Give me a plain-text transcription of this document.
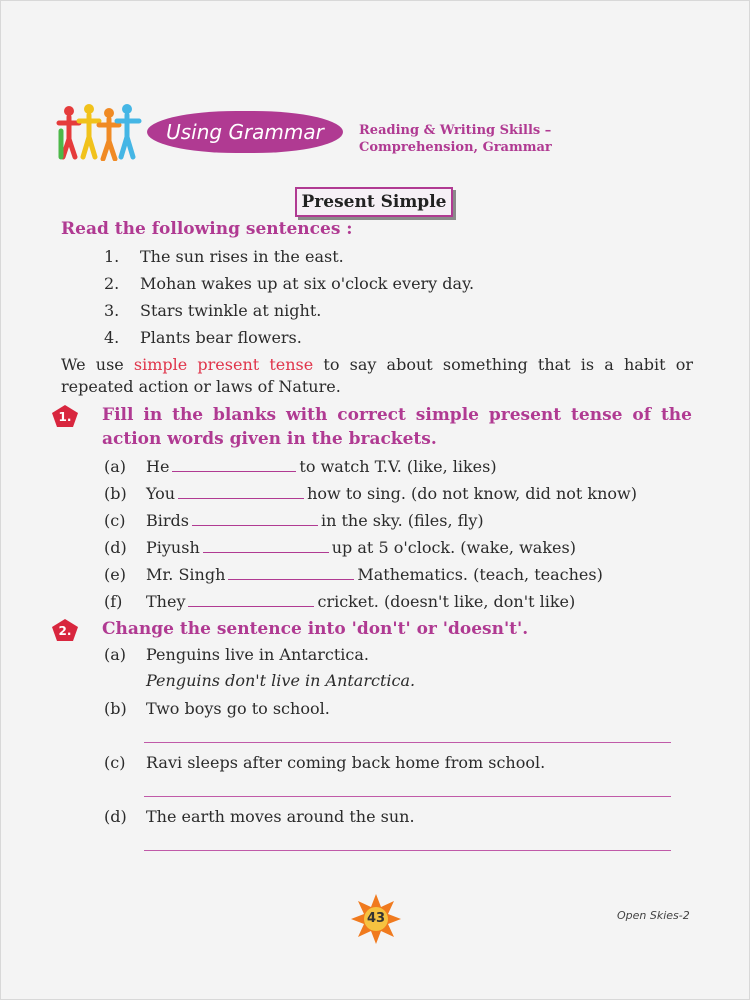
Using Grammar	Reading & Writing Skills –
Comprehension, Grammar
Present Simple
Read the following sentences :
1. The sun rises in the east.
2. Mohan wakes up at six o'clock every day.
3. Stars twinkle at night.
4. Plants bear flowers.
We use simple present tense to say about something that is a habit or repeated action or laws of Nature.
1. Fill in the blanks with correct simple present tense of the action words given in the brackets.
(a) He	to watch T.V. (like, likes)
(b) You	how to sing. (do not know, did not know)
(c) Birds	in the sky. (files, fly)
(d) Piyush	up at 5 o'clock. (wake, wakes)
(e) Mr. Singh	Mathematics. (teach, teaches)
(f) They	cricket. (doesn't like, don't like)
2. Change the sentence into 'don't' or 'doesn't'.
(a) Penguins live in Antarctica.
Penguins don't live in Antarctica.
(b) Two boys go to school.
(c) Ravi sleeps after coming back home from school.
(d) The earth moves around the sun.
43	Open Skies-2
